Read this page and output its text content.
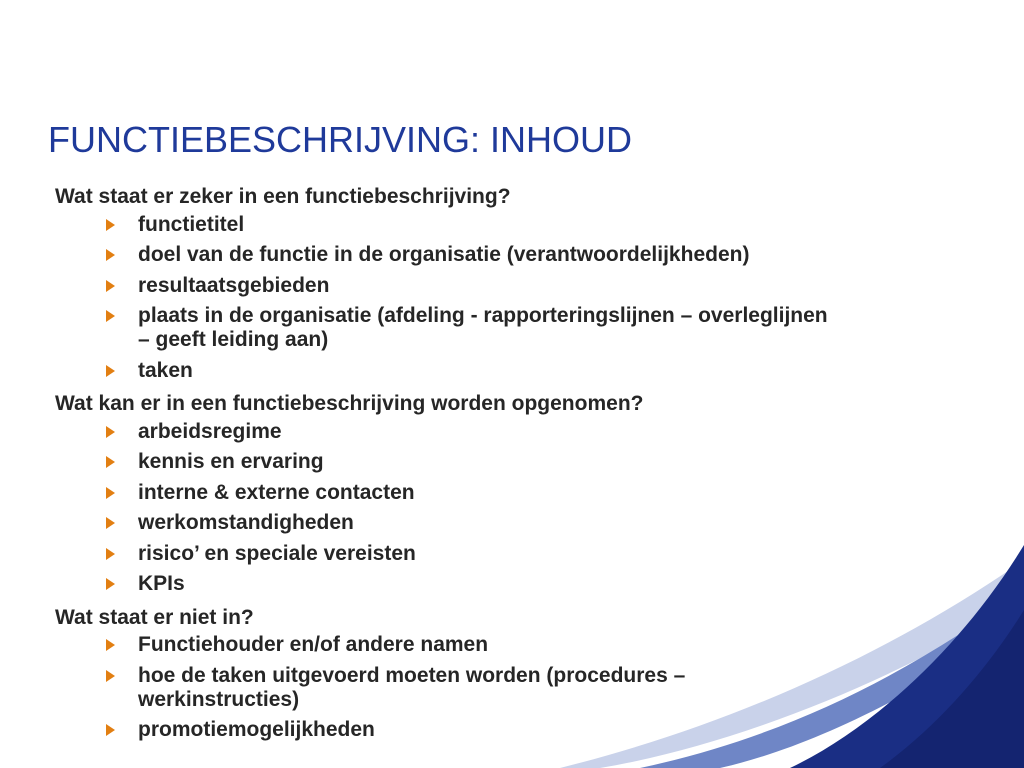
FUNCTIEBESCHRIJVING: INHOUD
Wat staat er zeker in een functiebeschrijving?
functietitel
doel van de functie in de organisatie (verantwoordelijkheden)
resultaatsgebieden
plaats in de organisatie (afdeling - rapporteringslijnen – overleglijnen – geeft leiding aan)
taken
Wat kan er in een functiebeschrijving worden opgenomen?
arbeidsregime
kennis en ervaring
interne & externe contacten
werkomstandigheden
risico’ en speciale vereisten
KPIs
Wat staat er niet in?
Functiehouder en/of andere namen
hoe de taken uitgevoerd moeten worden (procedures – werkinstructies)
promotiemogelijkheden
